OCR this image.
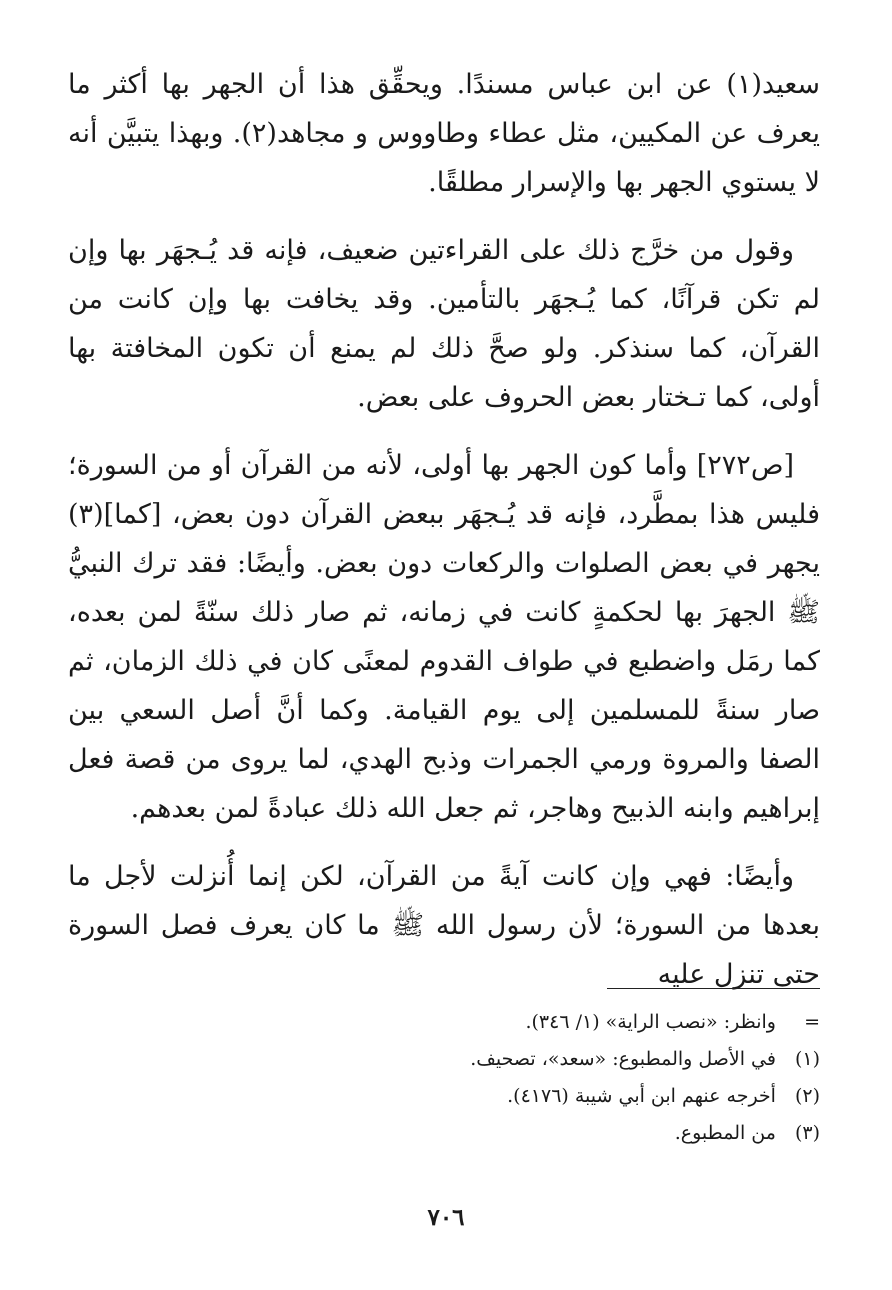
سعيد(١) عن ابن عباس مسندًا. ويحقِّق هذا أن الجهر بها أكثر ما يعرف عن المكيين، مثل عطاء وطاووس و مجاهد(٢). وبهذا يتبيَّن أنه لا يستوي الجهر بها والإسرار مطلقًا.

وقول من خرَّج ذلك على القراءتين ضعيف، فإنه قد يُـجهَر بها وإن لم تكن قرآنًا، كما يُـجهَر بالتأمين. وقد يخافت بها وإن كانت من القرآن، كما سنذكر. ولو صحَّ ذلك لم يمنع أن تكون المخافتة بها أولى، كما تـختار بعض الحروف على بعض.

[ص٢٧٢] وأما كون الجهر بها أولى، لأنه من القرآن أو من السورة؛ فليس هذا بمطَّرد، فإنه قد يُـجهَر ببعض القرآن دون بعض، [كما](٣) يجهر في بعض الصلوات والركعات دون بعض. وأيضًا: فقد ترك النبيُّ ﷺ الجهرَ بها لحكمةٍ كانت في زمانه، ثم صار ذلك سنّةً لمن بعده، كما رمَل واضطبع في طواف القدوم لمعنًى كان في ذلك الزمان، ثم صار سنةً للمسلمين إلى يوم القيامة. وكما أنَّ أصل السعي بين الصفا والمروة ورمي الجمرات وذبح الهدي، لما يروى من قصة فعل إبراهيم وابنه الذبيح وهاجر، ثم جعل الله ذلك عبادةً لمن بعدهم.

وأيضًا: فهي وإن كانت آيةً من القرآن، لكن إنما أُنزلت لأجل ما بعدها من السورة؛ لأن رسول الله ﷺ ما كان يعرف فصل السورة حتى تنزل عليه

= وانظر: «نصب الراية» (١/ ٣٤٦).

(١) في الأصل والمطبوع: «سعد»، تصحيف.

(٢) أخرجه عنهم ابن أبي شيبة (٤١٧٦).

(٣) من المطبوع.

٧٠٦
